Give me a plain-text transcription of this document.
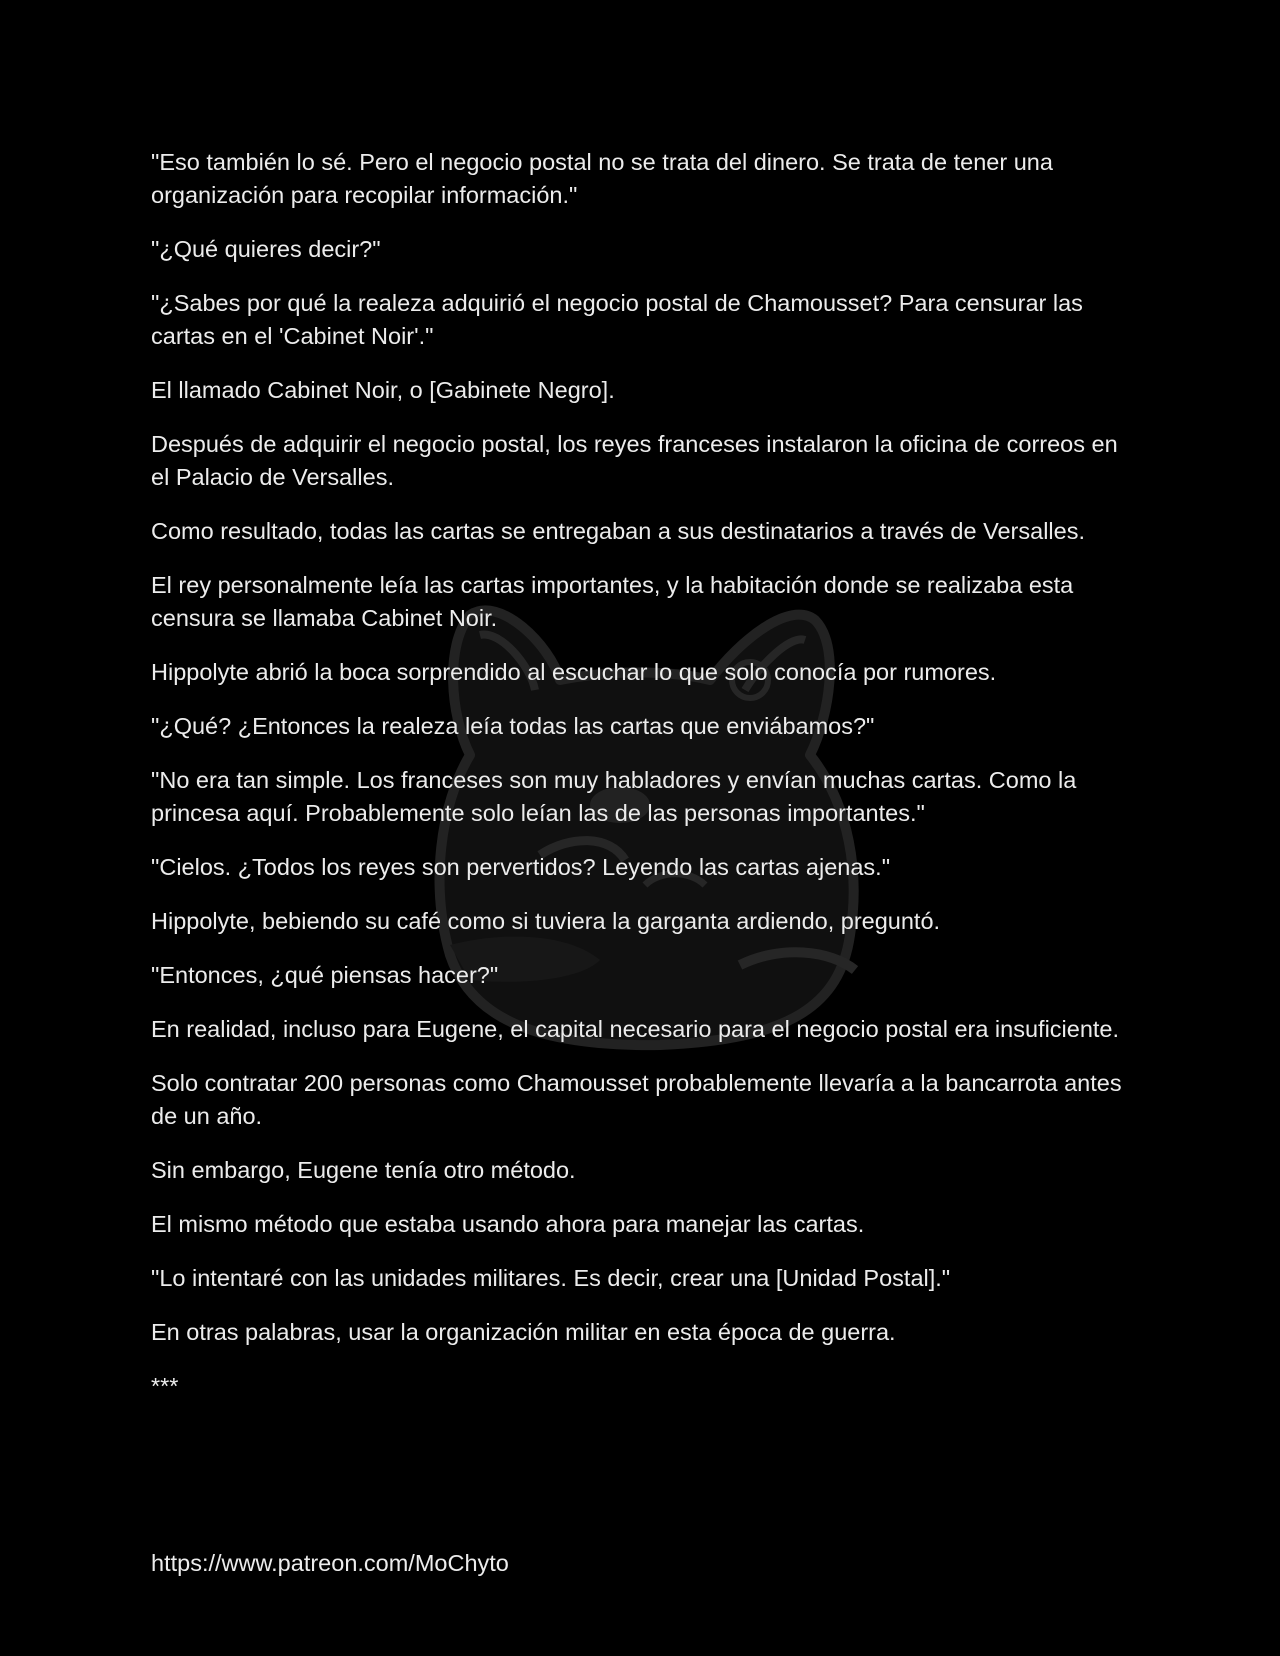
"Eso también lo sé. Pero el negocio postal no se trata del dinero. Se trata de tener una organización para recopilar información."

"¿Qué quieres decir?"

"¿Sabes por qué la realeza adquirió el negocio postal de Chamousset? Para censurar las cartas en el 'Cabinet Noir'."

El llamado Cabinet Noir, o [Gabinete Negro].

Después de adquirir el negocio postal, los reyes franceses instalaron la oficina de correos en el Palacio de Versalles.

Como resultado, todas las cartas se entregaban a sus destinatarios a través de Versalles.

El rey personalmente leía las cartas importantes, y la habitación donde se realizaba esta censura se llamaba Cabinet Noir.

Hippolyte abrió la boca sorprendido al escuchar lo que solo conocía por rumores.

"¿Qué? ¿Entonces la realeza leía todas las cartas que enviábamos?"

"No era tan simple. Los franceses son muy habladores y envían muchas cartas. Como la princesa aquí. Probablemente solo leían las de las personas importantes."

"Cielos. ¿Todos los reyes son pervertidos? Leyendo las cartas ajenas."

Hippolyte, bebiendo su café como si tuviera la garganta ardiendo, preguntó.

"Entonces, ¿qué piensas hacer?"

En realidad, incluso para Eugene, el capital necesario para el negocio postal era insuficiente.

Solo contratar 200 personas como Chamousset probablemente llevaría a la bancarrota antes de un año.

Sin embargo, Eugene tenía otro método.

El mismo método que estaba usando ahora para manejar las cartas.

"Lo intentaré con las unidades militares. Es decir, crear una [Unidad Postal]."

En otras palabras, usar la organización militar en esta época de guerra.

***

https://www.patreon.com/MoChyto
